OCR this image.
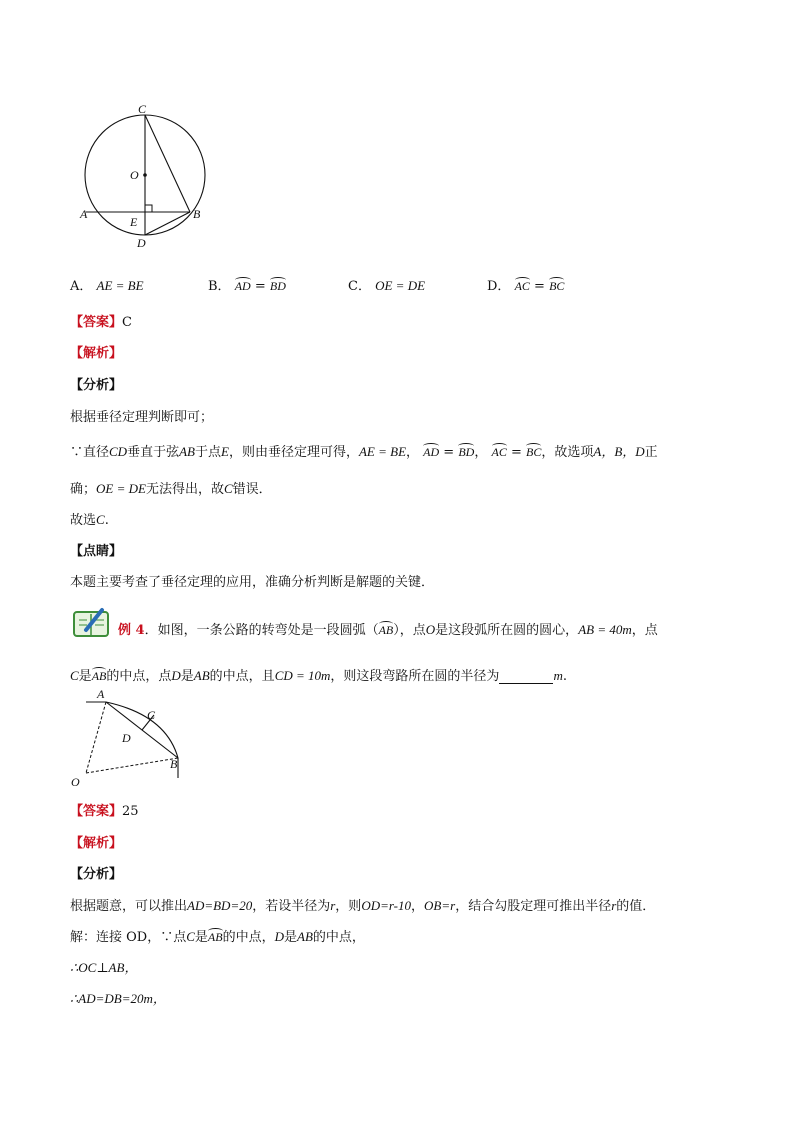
C
O
A	B
E
D
A． AE = BE	B． AD = BD	C． OE = DE	D． AC = BC
【答案】C
【解析】
【分析】
根据垂径定理判断即可；
∵直径CD垂直于弦AB于点E，则由垂径定理可得，AE = BE， AD = BD， AC = BC，故选项A，B，D正
确；OE = DE无法得出，故C错误．
故选C.
【点睛】
本题主要考查了垂径定理的应用，准确分析判断是解题的关键．
例 4．如图，一条公路的转弯处是一段圆弧（AB），点O是这段弧所在圆的圆心，AB = 40m，点
C是AB的中点，点D是AB的中点，且CD = 10m，则这段弯路所在圆的半径为	m.
A
C
D
O
B
【答案】25
【解析】
【分析】
根据题意，可以推出AD=BD=20，若设半径为r，则OD=r-10，OB=r，结合勾股定理可推出半径r的值．
解：连接 OD，∵点C是AB的中点，D是AB的中点，
∴OC⊥AB，
∴AD=DB=20m，
